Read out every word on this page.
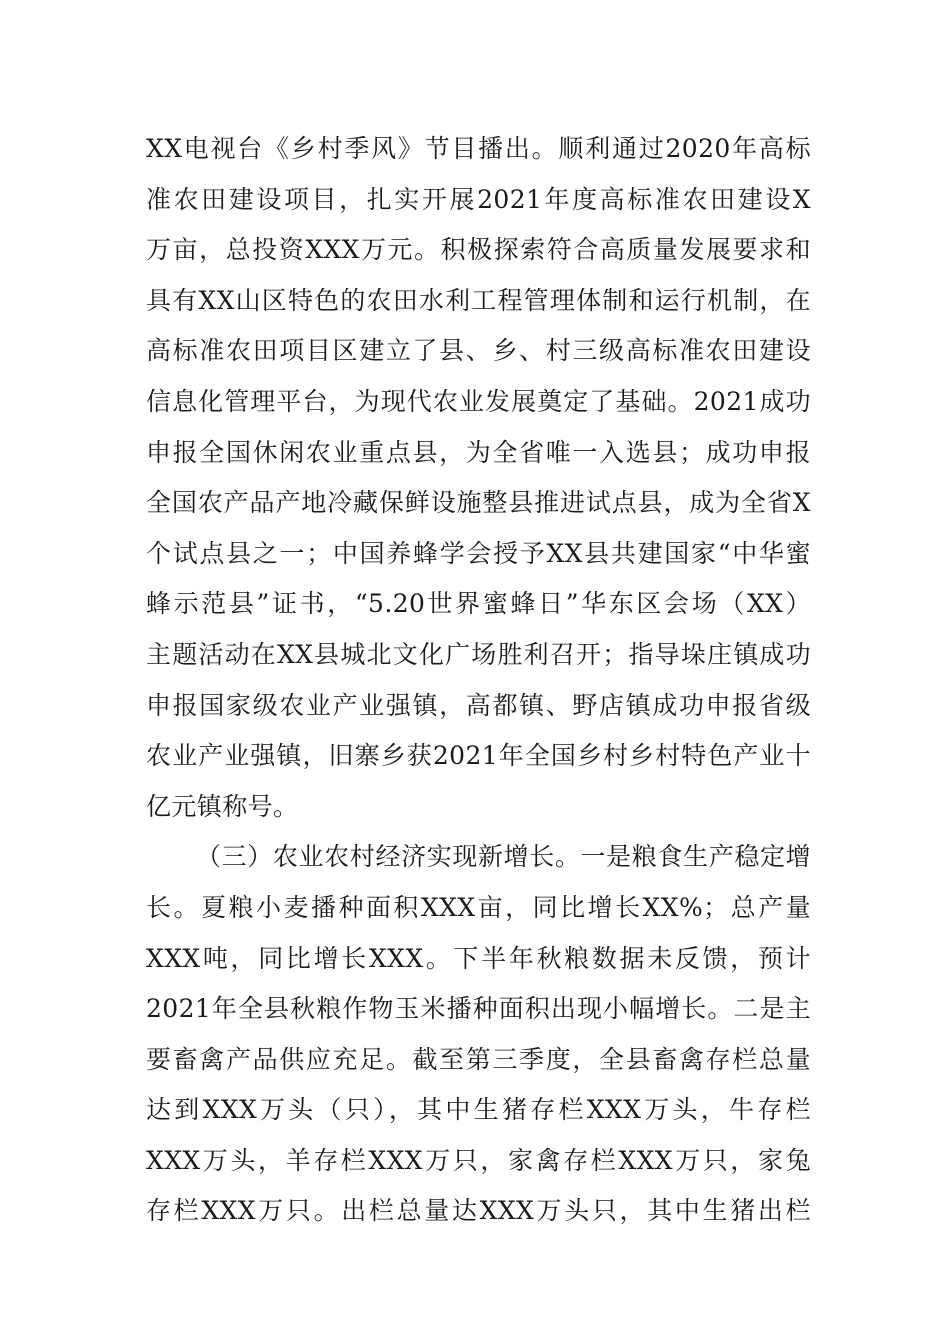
XX电视台《乡村季风》节目播出。顺利通过2020年高标
准农田建设项目，扎实开展2021年度高标准农田建设X
万亩，总投资XXX万元。积极探索符合高质量发展要求和
具有XX山区特色的农田水利工程管理体制和运行机制，在
高标准农田项目区建立了县、乡、村三级高标准农田建设
信息化管理平台，为现代农业发展奠定了基础。2021成功
申报全国休闲农业重点县，为全省唯一入选县；成功申报
全国农产品产地冷藏保鲜设施整县推进试点县，成为全省X
个试点县之一；中国养蜂学会授予XX县共建国家“中华蜜
蜂示范县”证书，“5.20世界蜜蜂日”华东区会场（XX）
主题活动在XX县城北文化广场胜利召开；指导垛庄镇成功
申报国家级农业产业强镇，高都镇、野店镇成功申报省级
农业产业强镇，旧寨乡获2021年全国乡村乡村特色产业十
亿元镇称号。
（三）农业农村经济实现新增长。一是粮食生产稳定增
长。夏粮小麦播种面积XXX亩，同比增长XX%；总产量
XXX吨，同比增长XXX。下半年秋粮数据未反馈，预计
2021年全县秋粮作物玉米播种面积出现小幅增长。二是主
要畜禽产品供应充足。截至第三季度，全县畜禽存栏总量
达到XXX万头（只），其中生猪存栏XXX万头，牛存栏
XXX万头，羊存栏XXX万只，家禽存栏XXX万只，家兔
存栏XXX万只。出栏总量达XXX万头只，其中生猪出栏
